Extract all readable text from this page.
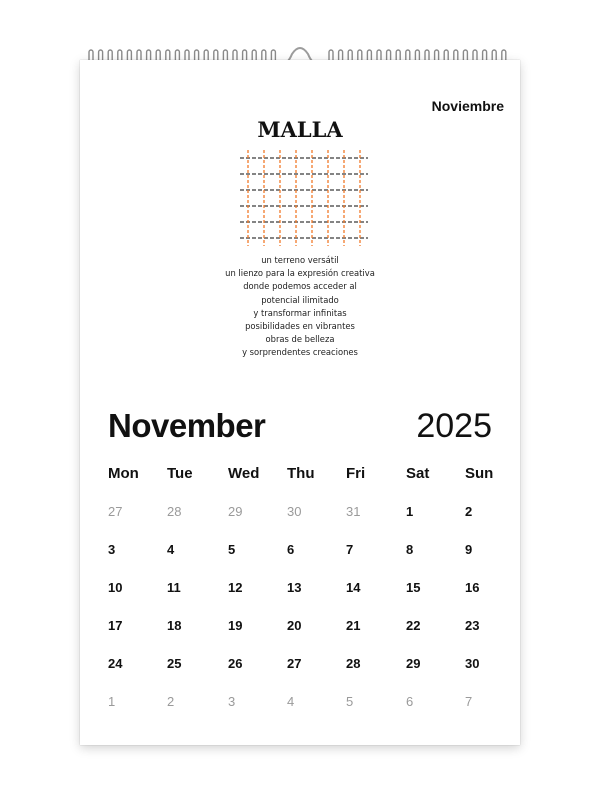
Noviembre
MALLA
un terreno versátil
un lienzo para la expresión creativa
donde podemos acceder al
potencial ilimitado
y transformar infinitas
posibilidades en vibrantes
obras de belleza
y sorprendentes creaciones
November	2025
Mon	Tue	Wed	Thu	Fri	Sat	Sun
27	28	29	30	31	1	2
3	4	5	6	7	8	9
10	11	12	13	14	15	16
17	18	19	20	21	22	23
24	25	26	27	28	29	30
1	2	3	4	5	6	7
